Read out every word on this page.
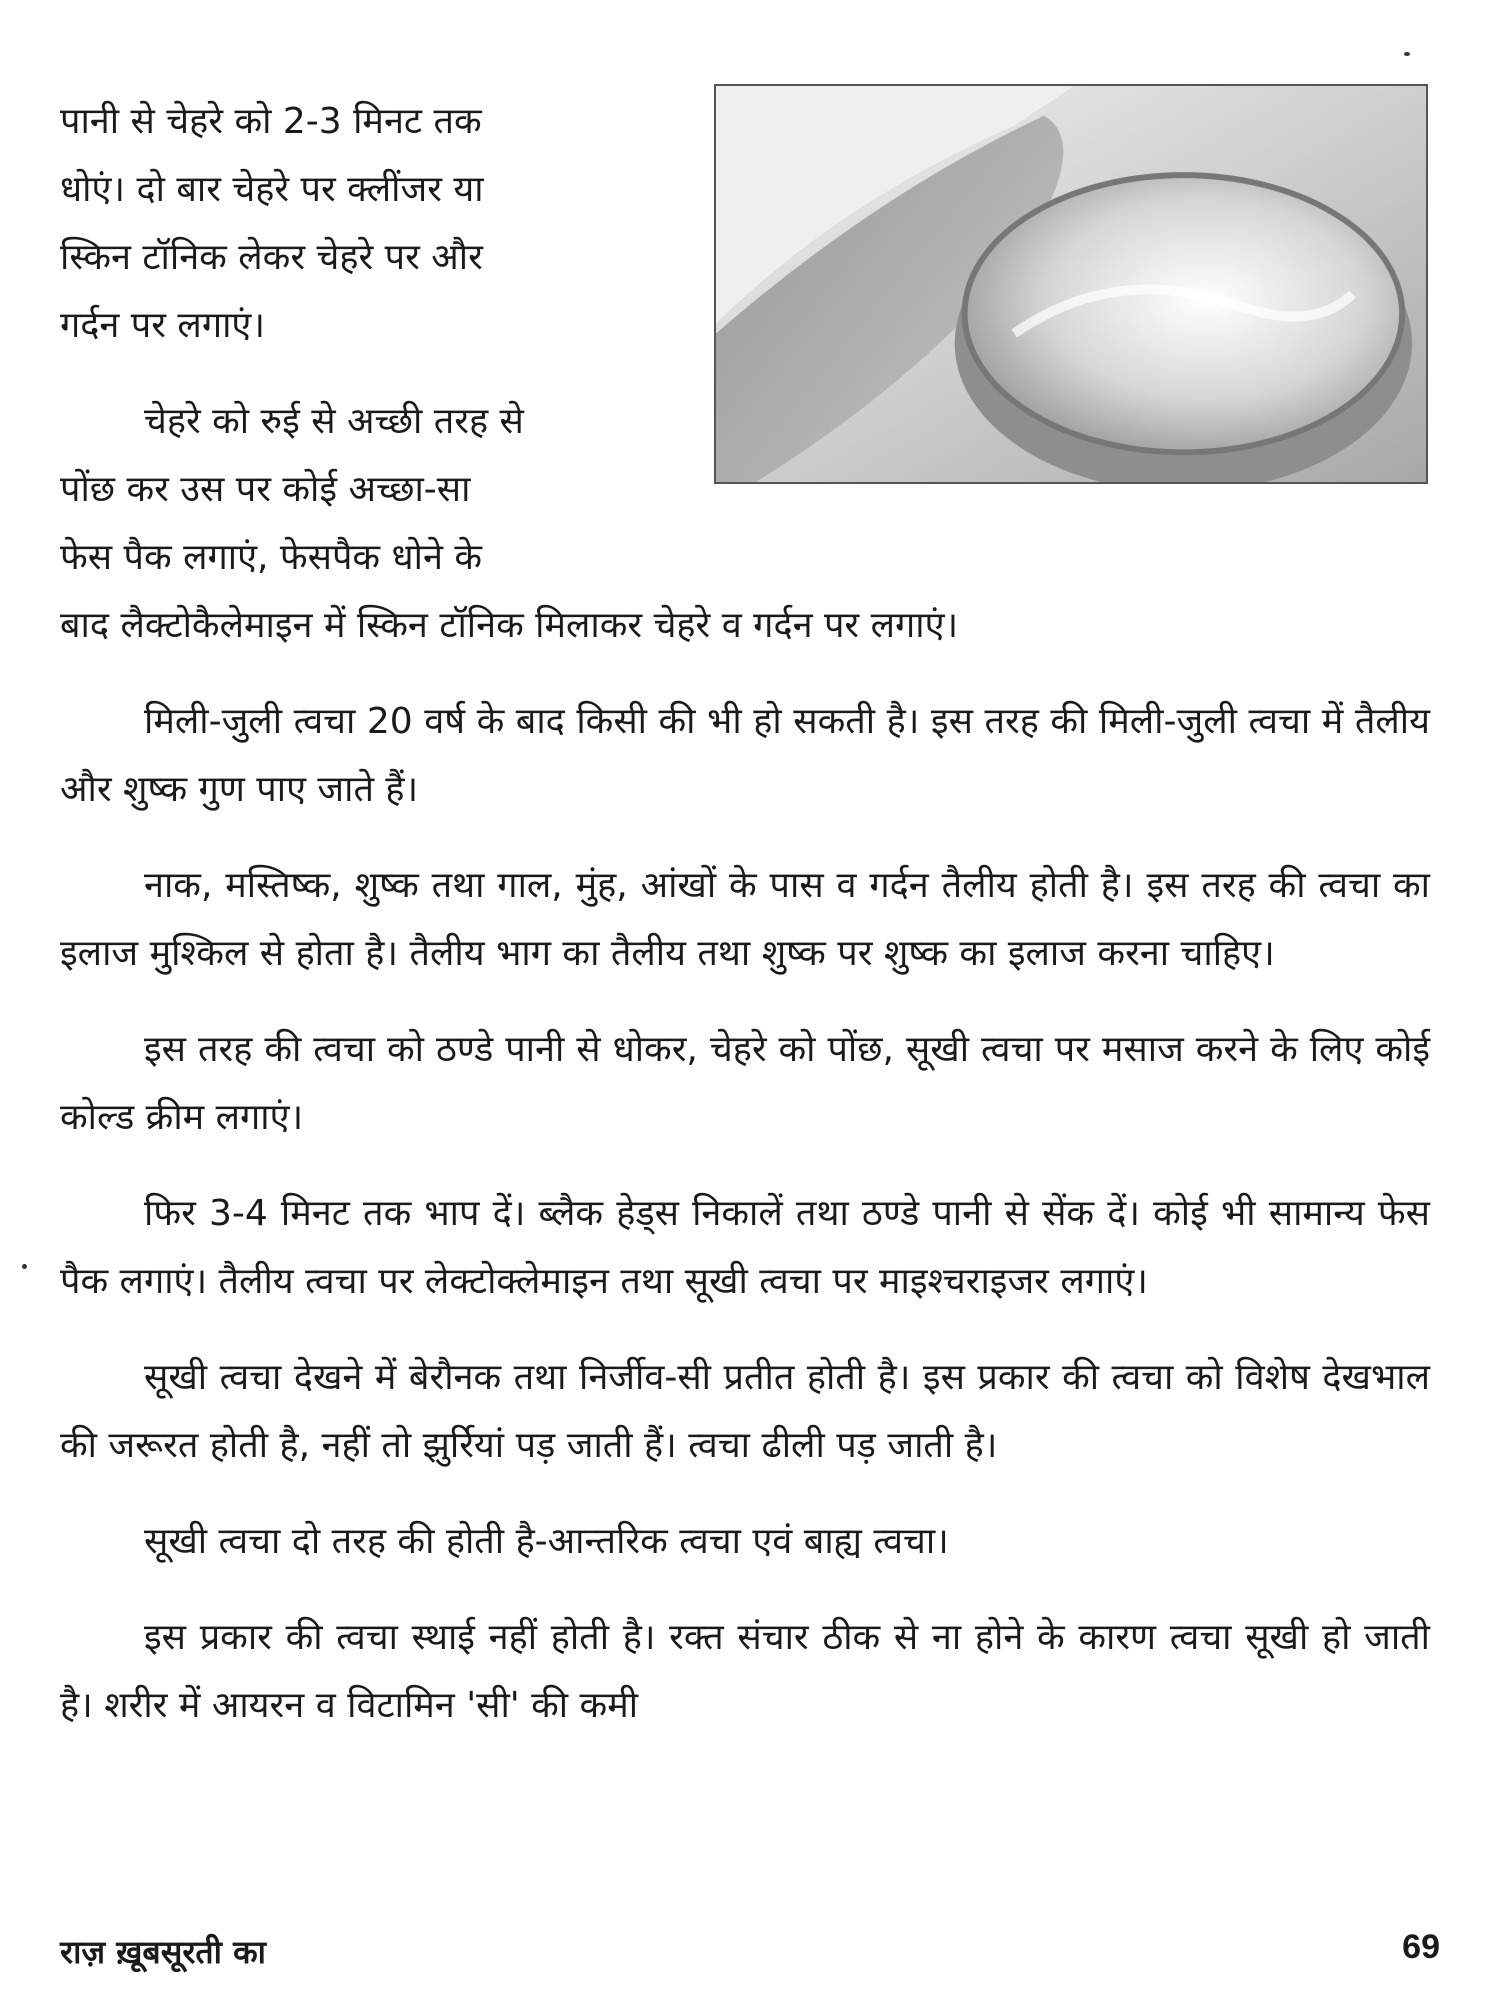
पानी से चेहरे को 2-3 मिनट तक
धोएं। दो बार चेहरे पर क्लींजर या
स्किन टॉनिक लेकर चेहरे पर और
गर्दन पर लगाएं।
चेहरे को रुई से अच्छी तरह से
पोंछ कर उस पर कोई अच्छा-सा
फेस पैक लगाएं, फेसपैक धोने के
बाद लैक्टोकैलेमाइन में स्किन टॉनिक मिलाकर चेहरे व गर्दन पर लगाएं।

मिली-जुली त्वचा 20 वर्ष के बाद किसी की भी हो सकती है। इस तरह की मिली-जुली त्वचा में तैलीय और शुष्क गुण पाए जाते हैं।

नाक, मस्तिष्क, शुष्क तथा गाल, मुंह, आंखों के पास व गर्दन तैलीय होती है। इस तरह की त्वचा का इलाज मुश्किल से होता है। तैलीय भाग का तैलीय तथा शुष्क पर शुष्क का इलाज करना चाहिए।

इस तरह की त्वचा को ठण्डे पानी से धोकर, चेहरे को पोंछ, सूखी त्वचा पर मसाज करने के लिए कोई कोल्ड क्रीम लगाएं।

फिर 3-4 मिनट तक भाप दें। ब्लैक हेड्स निकालें तथा ठण्डे पानी से सेंक दें। कोई भी सामान्य फेस पैक लगाएं। तैलीय त्वचा पर लेक्टोक्लेमाइन तथा सूखी त्वचा पर माइश्चराइजर लगाएं।

सूखी त्वचा देखने में बेरौनक तथा निर्जीव-सी प्रतीत होती है। इस प्रकार की त्वचा को विशेष देखभाल की जरूरत होती है, नहीं तो झुर्रियां पड़ जाती हैं। त्वचा ढीली पड़ जाती है।

सूखी त्वचा दो तरह की होती है-आन्तरिक त्वचा एवं बाह्य त्वचा।

इस प्रकार की त्वचा स्थाई नहीं होती है। रक्त संचार ठीक से ना होने के कारण त्वचा सूखी हो जाती है। शरीर में आयरन व विटामिन 'सी' की कमी

राज़ ख़ूबसूरती का	69
